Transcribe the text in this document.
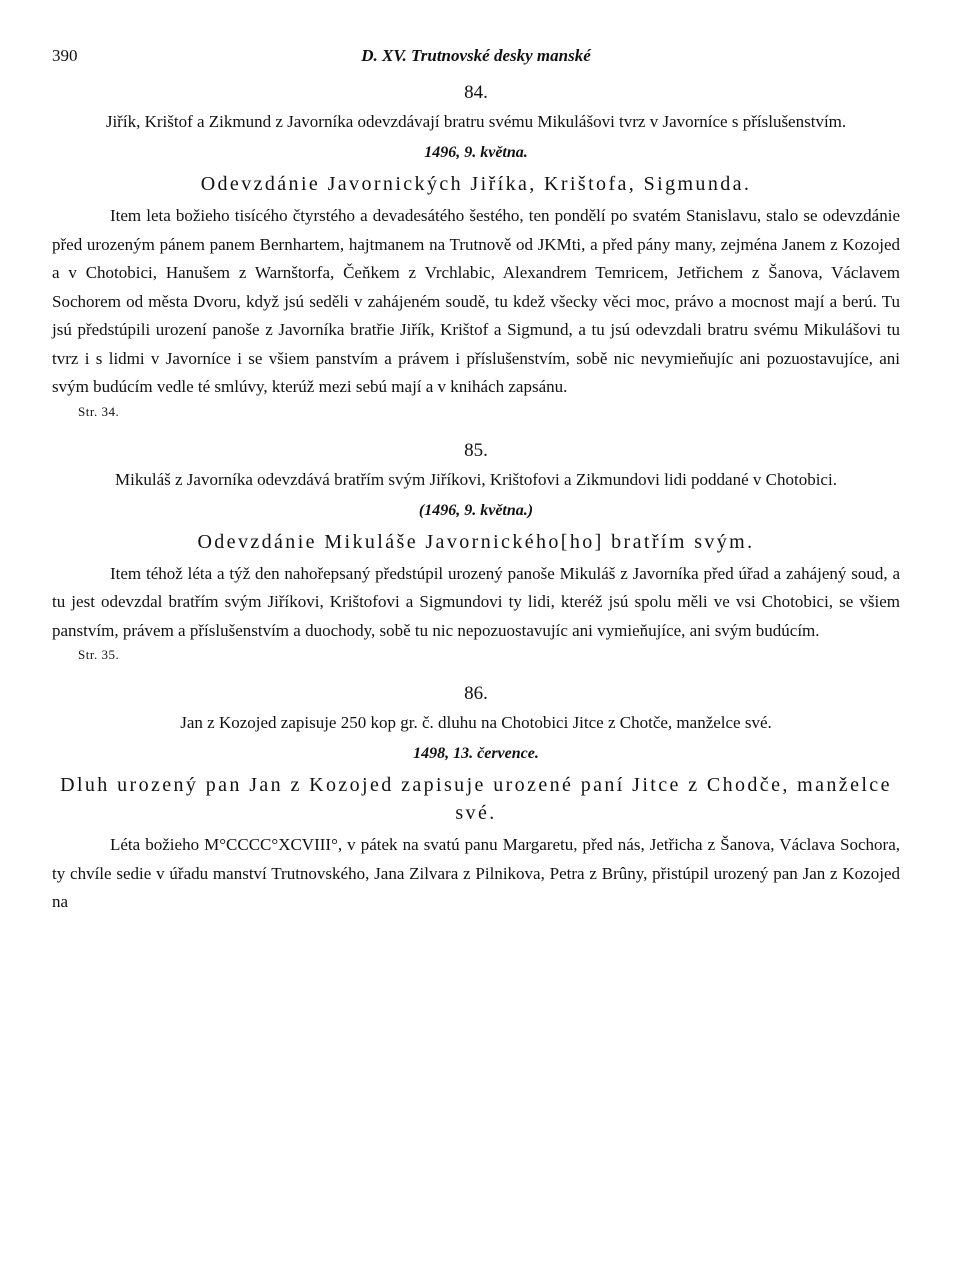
390	D. XV. Trutnovské desky manské
84.
Jiřík, Krištof a Zikmund z Javorníka odevzdávají bratru svému Mikulášovi tvrz v Javorníce s příslušenstvím.
1496, 9. května.
Odevzdánie Javornických Jiříka, Krištofa, Sigmunda.

Item leta božieho tisícého čtyrstého a devadesátého šestého, ten pondělí po svatém Stanislavu, stalo se odevzdánie před urozeným pánem panem Bernhartem, hajtmanem na Trutnově od JKMti, a před pány many, zejména Janem z Kozojed a v Chotobici, Hanušem z Warnštorfa, Čeňkem z Vrchlabic, Alexandrem Temricem, Jetřichem z Šanova, Václavem Sochorem od města Dvoru, když jsú seděli v zahájeném soudě, tu kdež všecky věci moc, právo a mocnost mají a berú. Tu jsú předstúpili urození panoše z Javorníka bratřie Jiřík, Krištof a Sigmund, a tu jsú odevzdali bratru svému Mikulášovi tu tvrz i s lidmi v Javorníce i se všiem panstvím a právem i příslušenstvím, sobě nic nevymieňujíc ani pozuostavujíce, ani svým budúcím vedle té smlúvy, kterúž mezi sebú mají a v knihách zapsánu.

Str. 34.
85.
Mikuláš z Javorníka odevzdává bratřím svým Jiříkovi, Krištofovi a Zikmundovi lidi poddané v Chotobici.
(1496, 9. května.)
Odevzdánie Mikuláše Javornického[ho] bratřím svým.

Item téhož léta a týž den nahořepsaný předstúpil urozený panoše Mikuláš z Javorníka před úřad a zahájený soud, a tu jest odevzdal bratřím svým Jiříkovi, Krištofovi a Sigmundovi ty lidi, kteréž jsú spolu měli ve vsi Chotobici, se všiem panstvím, právem a příslušenstvím a duochody, sobě tu nic nepozuostavujíc ani vymieňujíce, ani svým budúcím.

Str. 35.
86.
Jan z Kozojed zapisuje 250 kop gr. č. dluhu na Chotobici Jitce z Chotče, manželce své.
1498, 13. července.
Dluh urozený pan Jan z Kozojed zapisuje urozené paní Jitce z Chodče, manželce své.

Léta božieho M°CCCC°XCVIII°, v pátek na svatú panu Margaretu, před nás, Jetřicha z Šanova, Václava Sochora, ty chvíle sedie v úřadu manství Trutnovského, Jana Zilvara z Pilnikova, Petra z Brûny, přistúpil urozený pan Jan z Kozojed na
